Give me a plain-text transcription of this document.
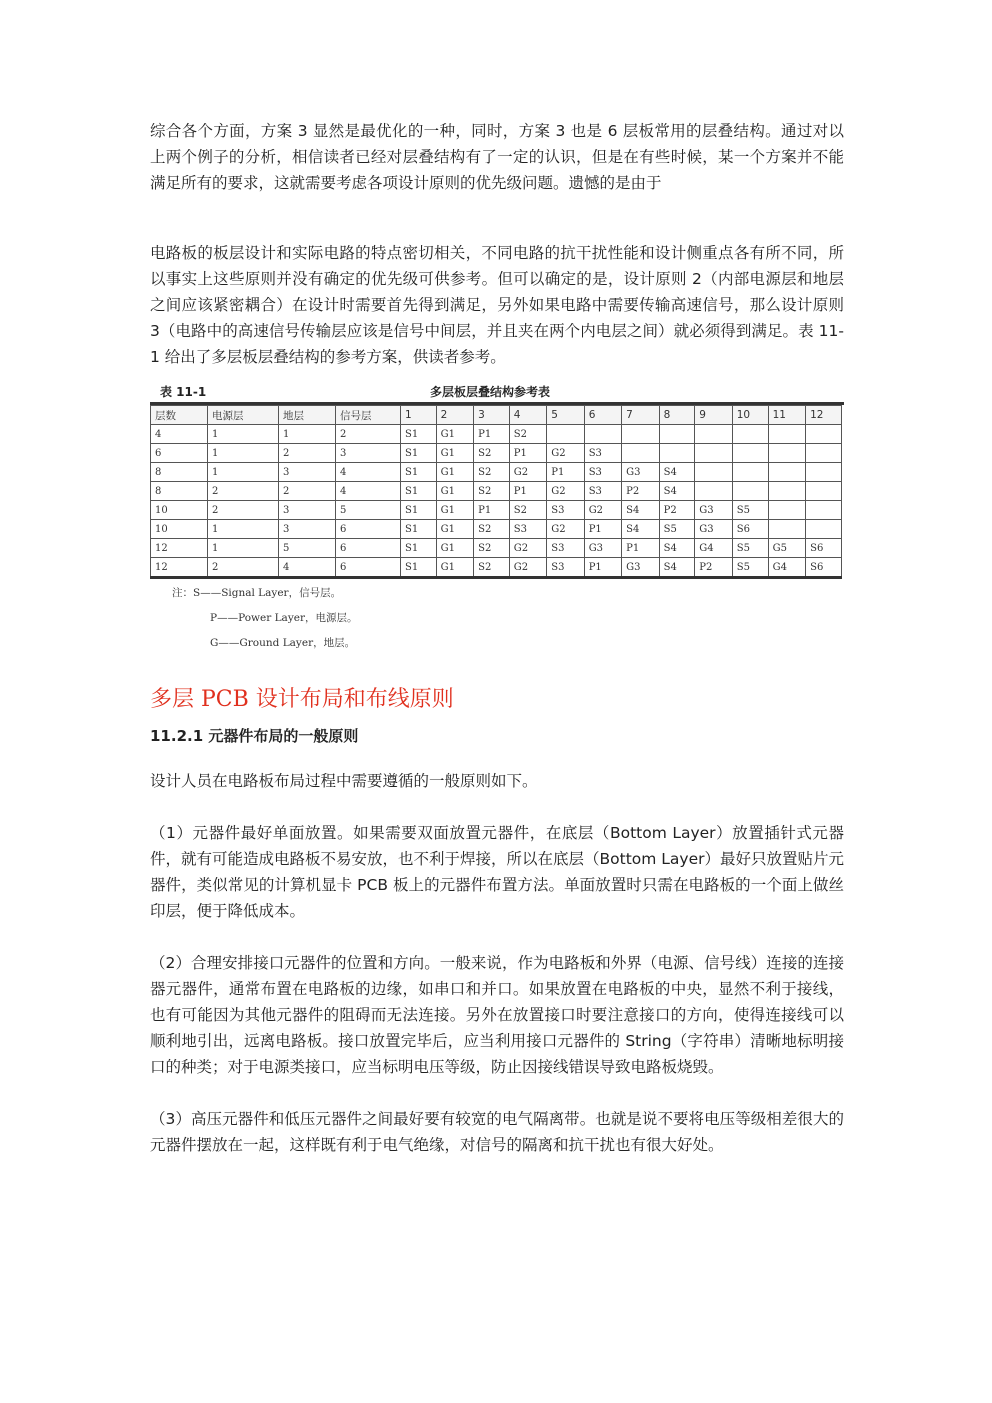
综合各个方面，方案 3 显然是最优化的一种，同时，方案 3 也是 6 层板常用的层叠结构。通过对以上两个例子的分析，相信读者已经对层叠结构有了一定的认识，但是在有些时候，某一个方案并不能满足所有的要求，这就需要考虑各项设计原则的优先级问题。遗憾的是由于

电路板的板层设计和实际电路的特点密切相关，不同电路的抗干扰性能和设计侧重点各有所不同，所以事实上这些原则并没有确定的优先级可供参考。但可以确定的是，设计原则 2（内部电源层和地层之间应该紧密耦合）在设计时需要首先得到满足，另外如果电路中需要传输高速信号，那么设计原则 3（电路中的高速信号传输层应该是信号中间层，并且夹在两个内电层之间）就必须得到满足。表 11-1 给出了多层板层叠结构的参考方案，供读者参考。

表 11-1	多层板层叠结构参考表
层数	电源层	地层	信号层	1	2	3	4	5	6	7	8	9	10	11	12
4	1	1	2	S1	G1	P1	S2								
6	1	2	3	S1	G1	S2	P1	G2	S3						
8	1	3	4	S1	G1	S2	G2	P1	S3	G3	S4				
8	2	2	4	S1	G1	S2	P1	G2	S3	P2	S4				
10	2	3	5	S1	G1	P1	S2	S3	G2	S4	P2	G3	S5		
10	1	3	6	S1	G1	S2	S3	G2	P1	S4	S5	G3	S6		
12	1	5	6	S1	G1	S2	G2	S3	G3	P1	S4	G4	S5	G5	S6
12	2	4	6	S1	G1	S2	G2	S3	P1	G3	S4	P2	S5	G4	S6
注：S——Signal Layer，信号层。
P——Power Layer，电源层。
G——Ground Layer，地层。
多层 PCB 设计布局和布线原则
11.2.1 元器件布局的一般原则

设计人员在电路板布局过程中需要遵循的一般原则如下。

（1）元器件最好单面放置。如果需要双面放置元器件，在底层（Bottom Layer）放置插针式元器件，就有可能造成电路板不易安放，也不利于焊接，所以在底层（Bottom Layer）最好只放置贴片元器件，类似常见的计算机显卡 PCB 板上的元器件布置方法。单面放置时只需在电路板的一个面上做丝印层，便于降低成本。

（2）合理安排接口元器件的位置和方向。一般来说，作为电路板和外界（电源、信号线）连接的连接器元器件，通常布置在电路板的边缘，如串口和并口。如果放置在电路板的中央，显然不利于接线，也有可能因为其他元器件的阻碍而无法连接。另外在放置接口时要注意接口的方向，使得连接线可以顺利地引出，远离电路板。接口放置完毕后，应当利用接口元器件的 String（字符串）清晰地标明接口的种类；对于电源类接口，应当标明电压等级，防止因接线错误导致电路板烧毁。

（3）高压元器件和低压元器件之间最好要有较宽的电气隔离带。也就是说不要将电压等级相差很大的元器件摆放在一起，这样既有利于电气绝缘，对信号的隔离和抗干扰也有很大好处。
